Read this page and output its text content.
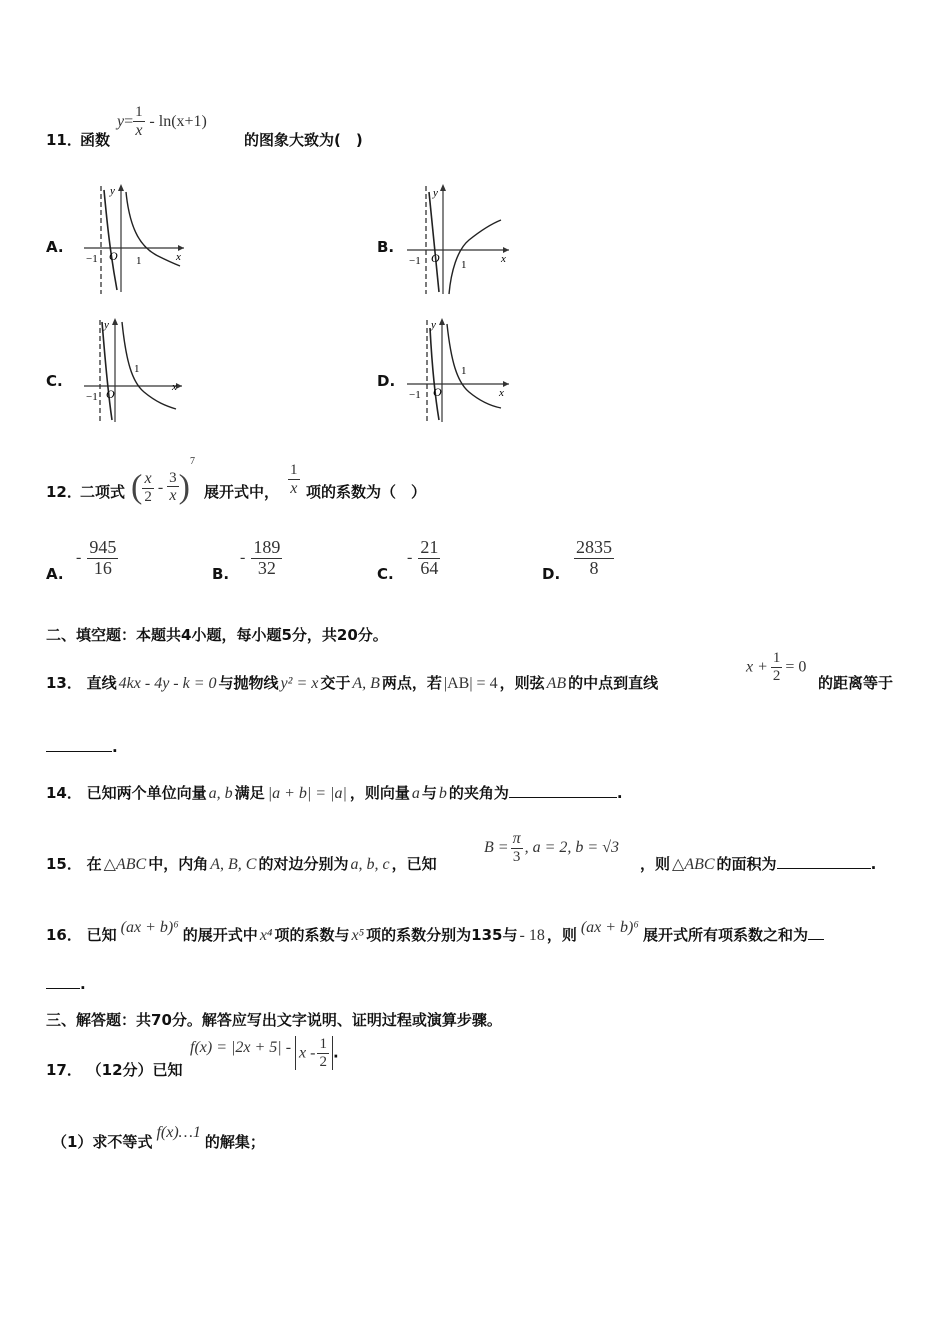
11．
函数
$y= \frac{1}{x} - \ln(x+1)$
的图象大致为(　)
A.	B.
C.	D.
−1 O 1	x
y
−1 O 1	x
y
−1 O
1
x
y
−1 O
1
x
y
12．
二项式 ( $\frac{x}{2} - \frac{3}{x} )^7$
展开式中， $\frac{1}{x}$ 项的系数为（　）
A.
- $\frac{945}{16}$	B.
- $\frac{189}{32}$	C.
- $\frac{21}{64}$	D. $\frac{2835}{8}$
二、填空题：本题共4小题，每小题5分，共20分。
13． 直线 4kx - 4y - k = 0 与抛物线 y² = x 交于 A, B 两点，若 |AB| = 4 ，则弦 AB 的中点到直线
$x + \frac{1}{2} = 0$
的距离等于
.
14． 已知两个单位向量 a, b 满足 |a + b| = |a| ，则向量 a 与 b 的夹角为	.
15． 在 △ABC 中，内角 A, B, C 的对边分别为 a, b, c ，已知
$B = \frac{\pi}{3}$ , a = 2, b = √3
，则 △ABC 的面积为	.
16． 已知 (ax + b)⁶ 的展开式中 x⁴ 项的系数与 x⁵ 项的系数分别为135与 - 18 ，则 (ax + b)⁶ 展开式所有项系数之和为
.
三、解答题：共70分。解答应写出文字说明、证明过程或演算步骤。
17． （12分）已知
$f(x) = |2x + 5| - x - \frac{1}{2}$ .
（1）求不等式f(x)…1的解集；
